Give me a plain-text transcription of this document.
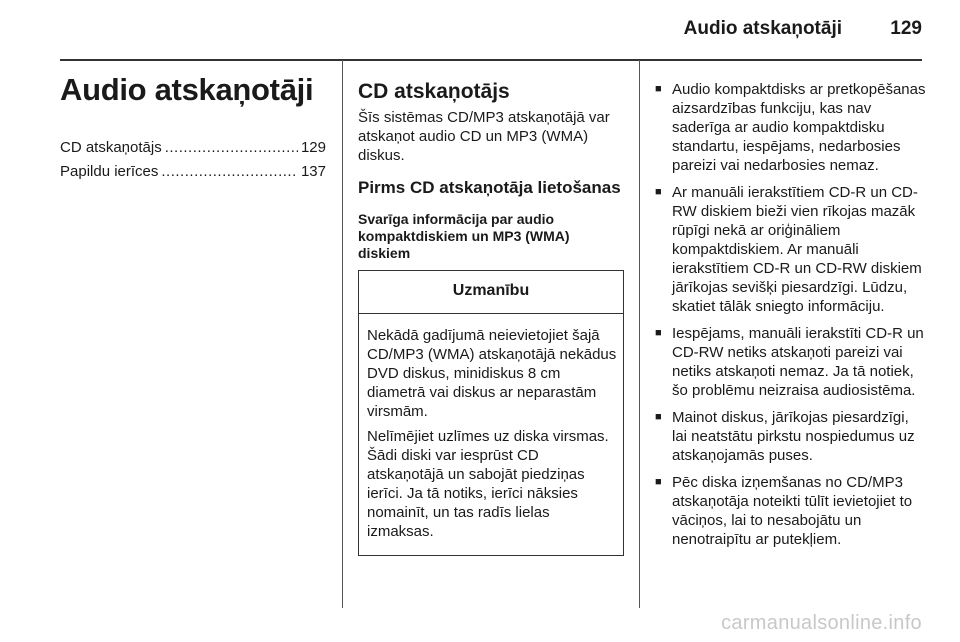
Audio atskaņotāji	129
Audio atskaņotāji
CD atskaņotājs .....	129
Papildu ierīces .....	137
CD atskaņotājs

Šīs sistēmas CD/MP3 atskaņotājā var atskaņot audio CD un MP3 (WMA) diskus.

Pirms CD atskaņotāja lietošanas
Svarīga informācija par audio kompaktdiskiem un MP3 (WMA) diskiem
Uzmanību

Nekādā gadījumā neievietojiet šajā CD/MP3 (WMA) atskaņotājā nekādus DVD diskus, minidiskus 8 cm diametrā vai diskus ar neparastām virsmām.

Nelīmējiet uzlīmes uz diska virsmas. Šādi diski var iesprūst CD atskaņotājā un sabojāt piedziņas ierīci. Ja tā notiks, ierīci nāksies nomainīt, un tas radīs lielas izmaksas.

■ Audio kompaktdisks ar pretkopēšanas aizsardzības funkciju, kas nav saderīga ar audio kompaktdisku standartu, iespējams, nedarbosies pareizi vai nedarbosies nemaz.
■ Ar manuāli ierakstītiem CD-R un CD-RW diskiem bieži vien rīkojas mazāk rūpīgi nekā ar oriģināliem kompaktdiskiem. Ar manuāli ierakstītiem CD-R un CD-RW diskiem jārīkojas sevišķi piesardzīgi. Lūdzu, skatiet tālāk sniegto informāciju.
■ Iespējams, manuāli ierakstīti CD-R un CD-RW netiks atskaņoti pareizi vai netiks atskaņoti nemaz. Ja tā notiek, šo problēmu neizraisa audiosistēma.
■ Mainot diskus, jārīkojas piesardzīgi, lai neatstātu pirkstu nospiedumus uz atskaņojamās puses.
■ Pēc diska izņemšanas no CD/MP3 atskaņotāja noteikti tūlīt ievietojiet to vāciņos, lai to nesabojātu un nenotraipītu ar putekļiem.
carmanualsonline.info
